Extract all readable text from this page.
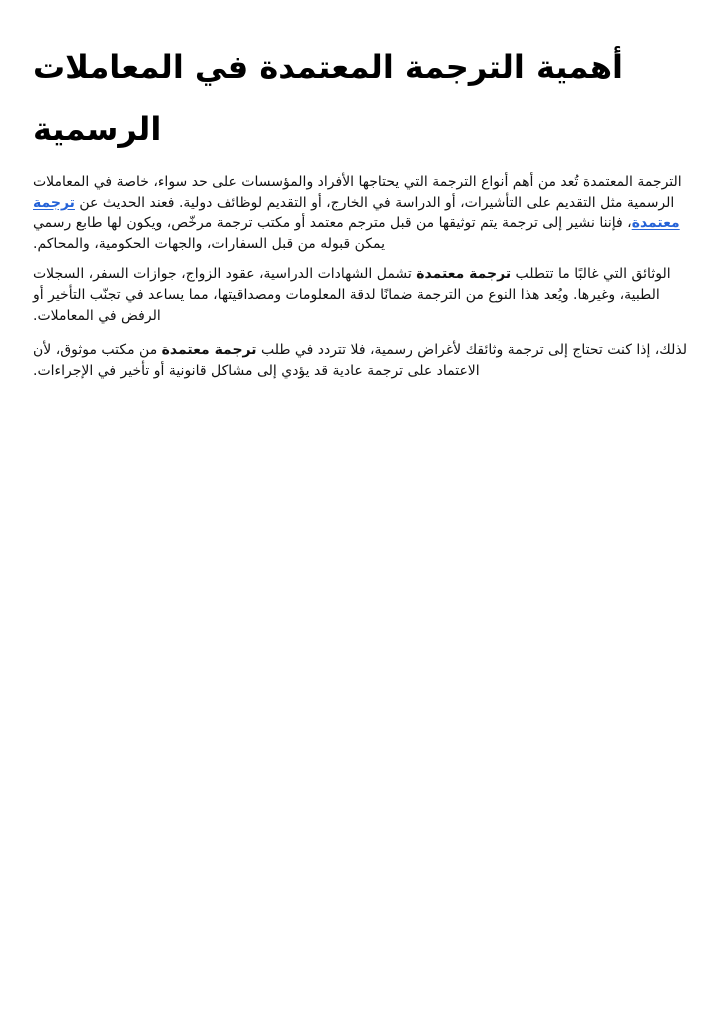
أهمية الترجمة المعتمدة في المعاملات الرسمية

الترجمة المعتمدة تُعد من أهم أنواع الترجمة التي يحتاجها الأفراد والمؤسسات على حد سواء، خاصة في المعاملات الرسمية مثل التقديم على التأشيرات، أو الدراسة في الخارج، أو التقديم لوظائف دولية. فعند الحديث عن ترجمة معتمدة، فإننا نشير إلى ترجمة يتم توثيقها من قبل مترجم معتمد أو مكتب ترجمة مرخّص، ويكون لها طابع رسمي يمكن قبوله من قبل السفارات، والجهات الحكومية، والمحاكم.

الوثائق التي غالبًا ما تتطلب ترجمة معتمدة تشمل الشهادات الدراسية، عقود الزواج، جوازات السفر، السجلات الطبية، وغيرها. ويُعد هذا النوع من الترجمة ضمانًا لدقة المعلومات ومصداقيتها، مما يساعد في تجنّب التأخير أو الرفض في المعاملات.

لذلك، إذا كنت تحتاج إلى ترجمة وثائقك لأغراض رسمية، فلا تتردد في طلب ترجمة معتمدة من مكتب موثوق، لأن الاعتماد على ترجمة عادية قد يؤدي إلى مشاكل قانونية أو تأخير في الإجراءات.
